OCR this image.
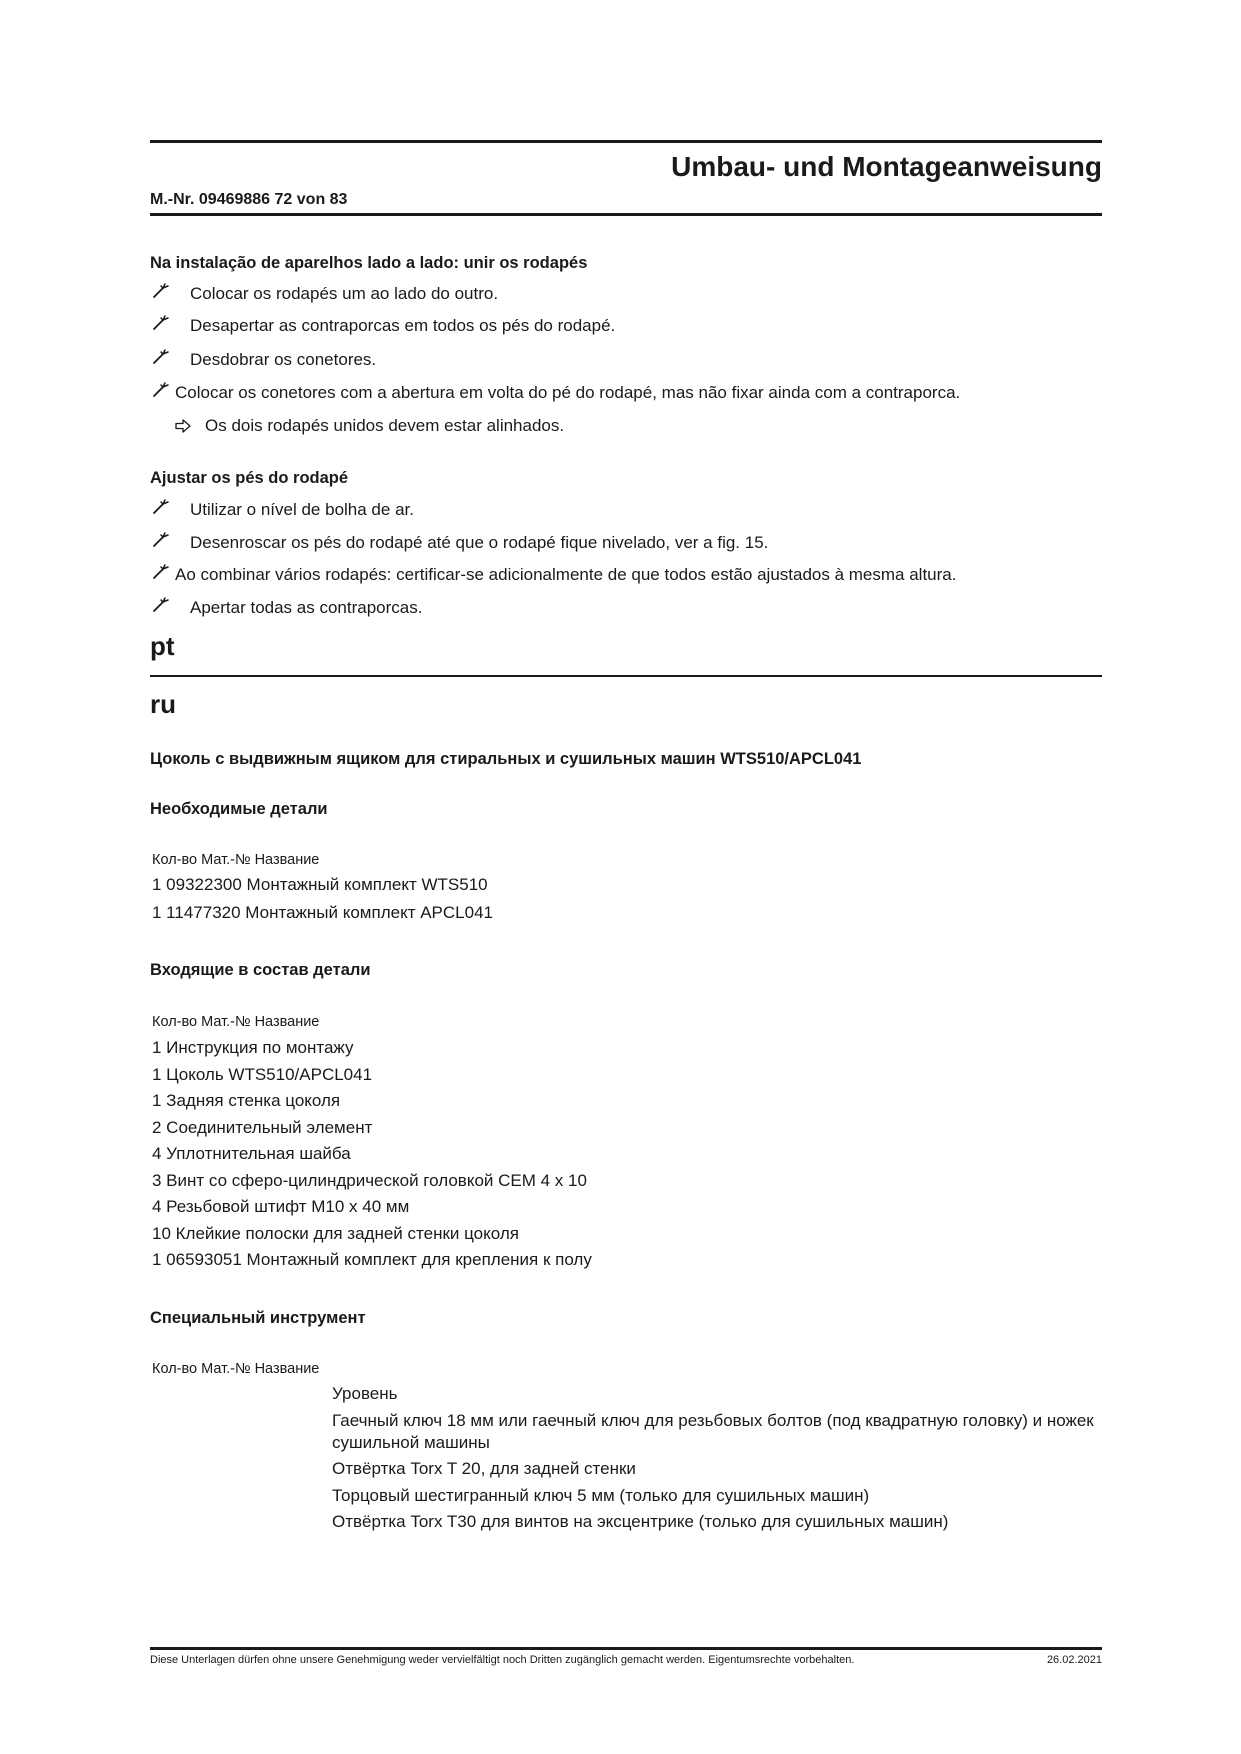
Umbau- und Montageanweisung
M.-Nr. 09469886 72 von 83
Na instalação de aparelhos lado a lado: unir os rodapés
Colocar os rodapés um ao lado do outro.
Desapertar as contraporcas em todos os pés do rodapé.
Desdobrar os conetores.
Colocar os conetores com a abertura em volta do pé do rodapé, mas não fixar ainda com a contraporca.
Os dois rodapés unidos devem estar alinhados.
Ajustar os pés do rodapé
Utilizar o nível de bolha de ar.
Desenroscar os pés do rodapé até que o rodapé fique nivelado, ver a fig. 15.
Ao combinar vários rodapés: certificar-se adicionalmente de que todos estão ajustados à mesma altura.
Apertar todas as contraporcas.
pt
ru
Цоколь с выдвижным ящиком для стиральных и сушильных машин WTS510/APCL041
Необходимые детали
Кол-во Мат.-№ Название
1 09322300 Монтажный комплект WTS510
1 11477320 Монтажный комплект APCL041
Входящие в состав детали
Кол-во Мат.-№ Название
1 Инструкция по монтажу
1 Цоколь WTS510/APCL041
1 Задняя стенка цоколя
2 Соединительный элемент
4 Уплотнительная шайба
3 Винт со сферо-цилиндрической головкой CEM 4 x 10
4 Резьбовой штифт M10 x 40 мм
10 Клейкие полоски для задней стенки цоколя
1 06593051 Монтажный комплект для крепления к полу
Специальный инструмент
Кол-во Мат.-№ Название
Уровень
Гаечный ключ 18 мм или гаечный ключ для резьбовых болтов (под квадратную головку) и ножек сушильной машины
Отвёртка Torx T 20, для задней стенки
Торцовый шестигранный ключ 5 мм (только для сушильных машин)
Отвёртка Torx T30 для винтов на эксцентрике (только для сушильных машин)
Diese Unterlagen dürfen ohne unsere Genehmigung weder vervielfältigt noch Dritten zugänglich gemacht werden. Eigentumsrechte vorbehalten.	26.02.2021
